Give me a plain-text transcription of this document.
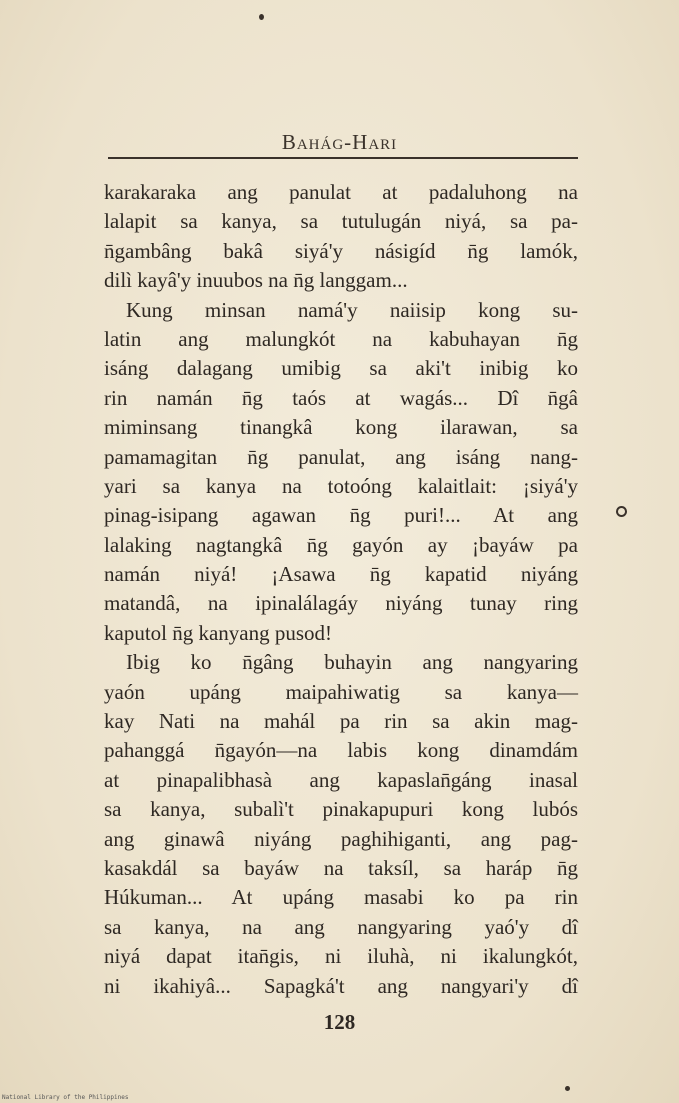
Bahág-Hari
karakaraka ang panulat at padaluhong na
lalapit sa kanya, sa tutulugán niyá, sa pa-
n̄gambâng bakâ siyá'y násigíd n̄g lamók,
dilì kayâ'y inuubos na n̄g langgam...
Kung minsan namá'y naiisip kong su-
latin ang malungkót na kabuhayan n̄g
isáng dalagang umibig sa aki't inibig ko
rin namán n̄g taós at wagás... Dî n̄gâ
miminsang tinangkâ kong ilarawan, sa
pamamagitan n̄g panulat, ang isáng nang-
yari sa kanya na totoóng kalaitlait: ¡siyá'y
pinag-isipang agawan n̄g puri!... At ang
lalaking nagtangkâ n̄g gayón ay ¡bayáw pa
namán niyá! ¡Asawa n̄g kapatid niyáng
matandâ, na ipinalálagáy niyáng tunay ring
kaputol n̄g kanyang pusod!
Ibig ko n̄gâng buhayin ang nangyaring
yaón upáng maipahiwatig sa kanya—
kay Nati na mahál pa rin sa akin mag-
pahanggá n̄gayón—na labis kong dinamdám
at pinapalibhasà ang kapaslan̄gáng inasal
sa kanya, subalì't pinakapupuri kong lubós
ang ginawâ niyáng paghihiganti, ang pag-
kasakdál sa bayáw na taksíl, sa haráp n̄g
Húkuman... At upáng masabi ko pa rin
sa kanya, na ang nangyaring yaó'y dî
niyá dapat itan̄gis, ni iluhà, ni ikalungkót,
ni ikahiyâ... Sapagká't ang nangyari'y dî
128
National Library of the Philippines
